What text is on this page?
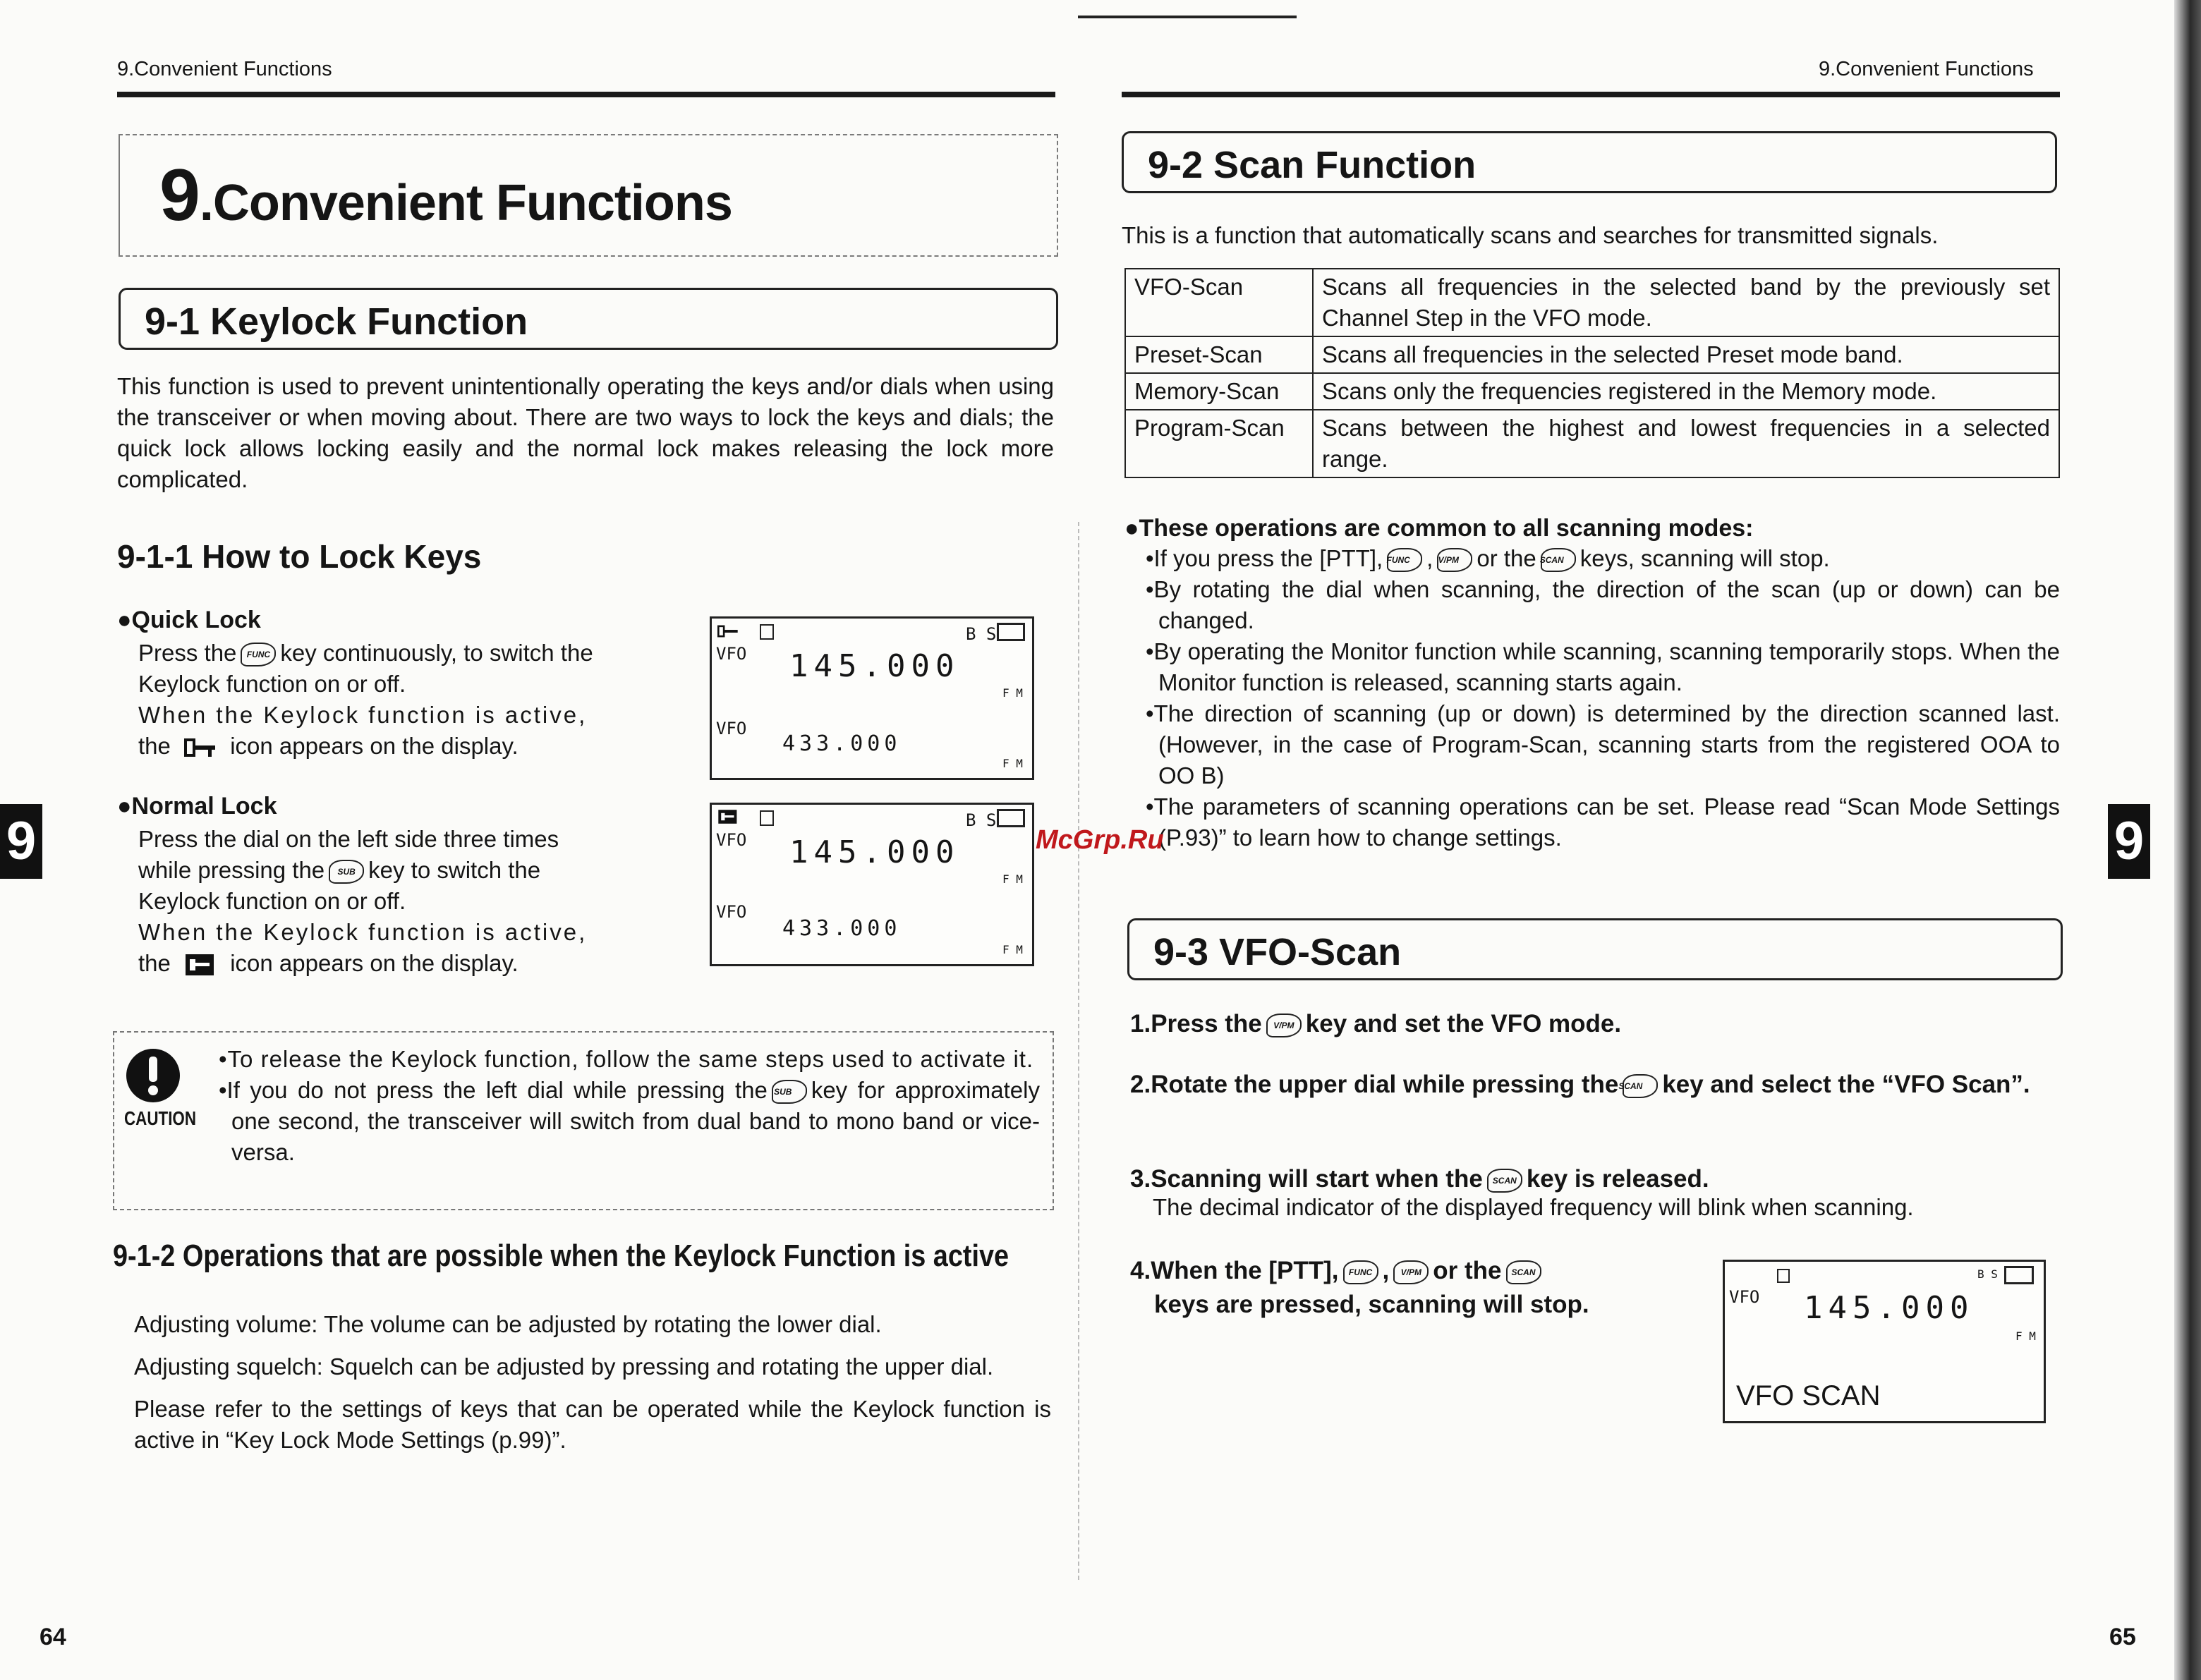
9.Convenient Functions	9.Convenient Functions
9	9
9.Convenient Functions
9-1 Keylock Function
This function is used to prevent unintentionally operating the keys and/or dials when using the transceiver or when moving about. There are two ways to lock the keys and dials; the quick lock allows locking easily and the normal lock makes releasing the lock more complicated.
9-1-1 How to Lock Keys
●Quick Lock
Press the FUNC key continuously, to switch the
Keylock function on or off.
When the Keylock function is active,
the	icon appears on the display.
B S
VFO 145.000
F M
VFO
433.000
F M
●Normal Lock
Press the dial on the left side three times
while pressing the SUB key to switch the
Keylock function on or off.
When the Keylock function is active,
the	icon appears on the display.
B S
VFO 145.000
F M
VFO
433.000
F M
CAUTION
•To release the Keylock function, follow the same steps used to activate it.
•If you do not press the left dial while pressing the SUB key for approximately one second, the transceiver will switch from dual band to mono band or vice-versa.
9-1-2 Operations that are possible when the Keylock Function is active
Adjusting volume: The volume can be adjusted by rotating the lower dial.
Adjusting squelch: Squelch can be adjusted by pressing and rotating the upper dial.
Please refer to the settings of keys that can be operated while the Keylock function is active in “Key Lock Mode Settings (p.99)”.
64
9-2 Scan Function
This is a function that automatically scans and searches for transmitted signals.
VFO-Scan	Scans all frequencies in the selected band by the previously set Channel Step in the VFO mode.
Preset-Scan	Scans all frequencies in the selected Preset mode band.
Memory-Scan	Scans only the frequencies registered in the Memory mode.
Program-Scan	Scans between the highest and lowest frequencies in a selected range.
●These operations are common to all scanning modes:
•If you press the [PTT], FUNC , V/PM or the SCAN keys, scanning will stop.
•By rotating the dial when scanning, the direction of the scan (up or down) can be changed.
•By operating the Monitor function while scanning, scanning temporarily stops. When the Monitor function is released, scanning starts again.
•The direction of scanning (up or down) is determined by the direction scanned last. (However, in the case of Program-Scan, scanning starts from the registered OOA to OO B)
•The parameters of scanning operations can be set. Please read “Scan Mode Settings (P.93)” to learn how to change settings.
McGrp.Ru
9-3 VFO-Scan
1.Press the V/PM key and set the VFO mode.
2.Rotate the upper dial while pressing theSCAN key and select the “VFO Scan”.
3.Scanning will start when the SCAN key is released.
The decimal indicator of the displayed frequency will blink when scanning.
4.When the [PTT], FUNC , V/PM or the SCAN
keys are pressed, scanning will stop.
B S
VFO 145.000
F M
VFO SCAN
65
